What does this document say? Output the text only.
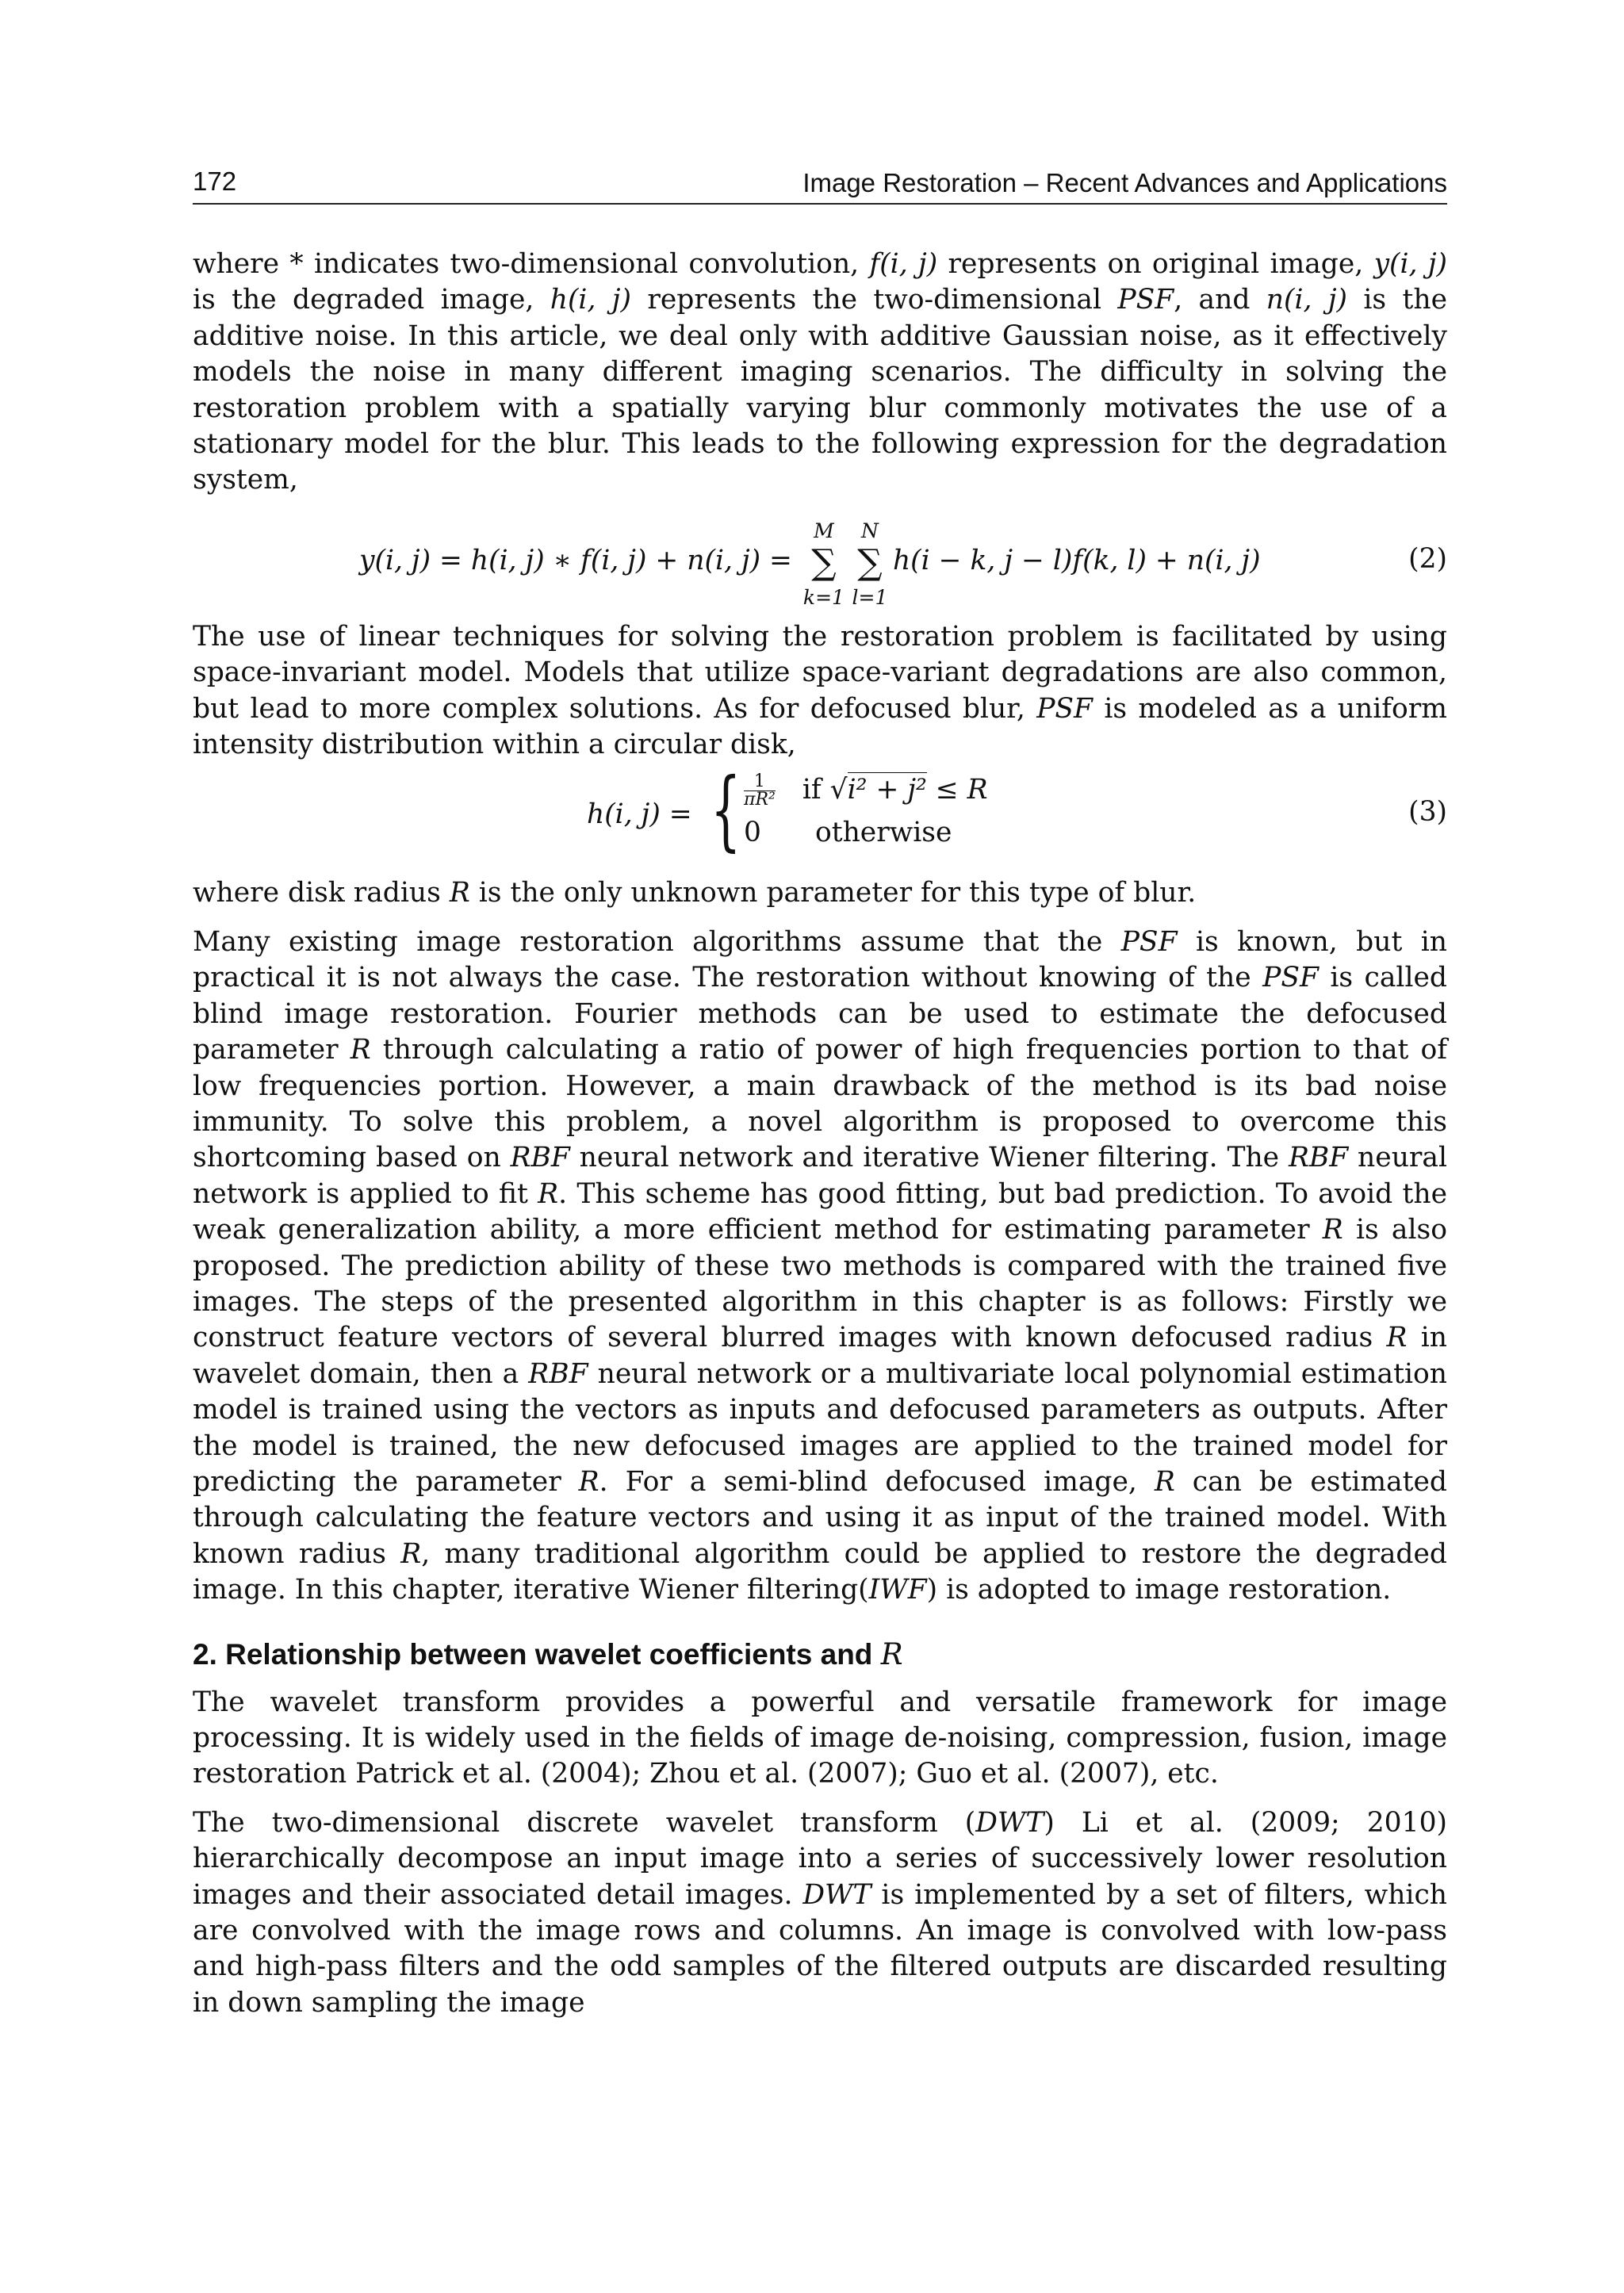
172	Image Restoration – Recent Advances and Applications

where * indicates two-dimensional convolution, f(i, j) represents on original image, y(i, j) is the degraded image, h(i, j) represents the two-dimensional PSF, and n(i, j) is the additive noise. In this article, we deal only with additive Gaussian noise, as it effectively models the noise in many different imaging scenarios. The difficulty in solving the restoration problem with a spatially varying blur commonly motivates the use of a stationary model for the blur. This leads to the following expression for the degradation system,

y(i, j) = h(i, j) ∗ f(i, j) + n(i, j) =
M
∑
k=1
N
∑
l=1
h(i − k, j − l)f(k, l) + n(i, j)	(2)

The use of linear techniques for solving the restoration problem is facilitated by using space-invariant model. Models that utilize space-variant degradations are also common, but lead to more complex solutions. As for defocused blur, PSF is modeled as a uniform intensity distribution within a circular disk,

h(i, j) = { $\frac{1}{\text{πR²}}$ if √i² + j² ≤ R
0 otherwise
(3)

where disk radius R is the only unknown parameter for this type of blur.

Many existing image restoration algorithms assume that the PSF is known, but in practical it is not always the case. The restoration without knowing of the PSF is called blind image restoration. Fourier methods can be used to estimate the defocused parameter R through calculating a ratio of power of high frequencies portion to that of low frequencies portion. However, a main drawback of the method is its bad noise immunity. To solve this problem, a novel algorithm is proposed to overcome this shortcoming based on RBF neural network and iterative Wiener filtering. The RBF neural network is applied to fit R. This scheme has good fitting, but bad prediction. To avoid the weak generalization ability, a more efficient method for estimating parameter R is also proposed. The prediction ability of these two methods is compared with the trained five images. The steps of the presented algorithm in this chapter is as follows: Firstly we construct feature vectors of several blurred images with known defocused radius R in wavelet domain, then a RBF neural network or a multivariate local polynomial estimation model is trained using the vectors as inputs and defocused parameters as outputs. After the model is trained, the new defocused images are applied to the trained model for predicting the parameter R. For a semi-blind defocused image, R can be estimated through calculating the feature vectors and using it as input of the trained model. With known radius R, many traditional algorithm could be applied to restore the degraded image. In this chapter, iterative Wiener filtering(IWF) is adopted to image restoration.

2. Relationship between wavelet coefficients and R

The wavelet transform provides a powerful and versatile framework for image processing. It is widely used in the fields of image de-noising, compression, fusion, image restoration Patrick et al. (2004); Zhou et al. (2007); Guo et al. (2007), etc.

The two-dimensional discrete wavelet transform (DWT) Li et al. (2009; 2010) hierarchically decompose an input image into a series of successively lower resolution images and their associated detail images. DWT is implemented by a set of filters, which are convolved with the image rows and columns. An image is convolved with low-pass and high-pass filters and the odd samples of the filtered outputs are discarded resulting in down sampling the image
